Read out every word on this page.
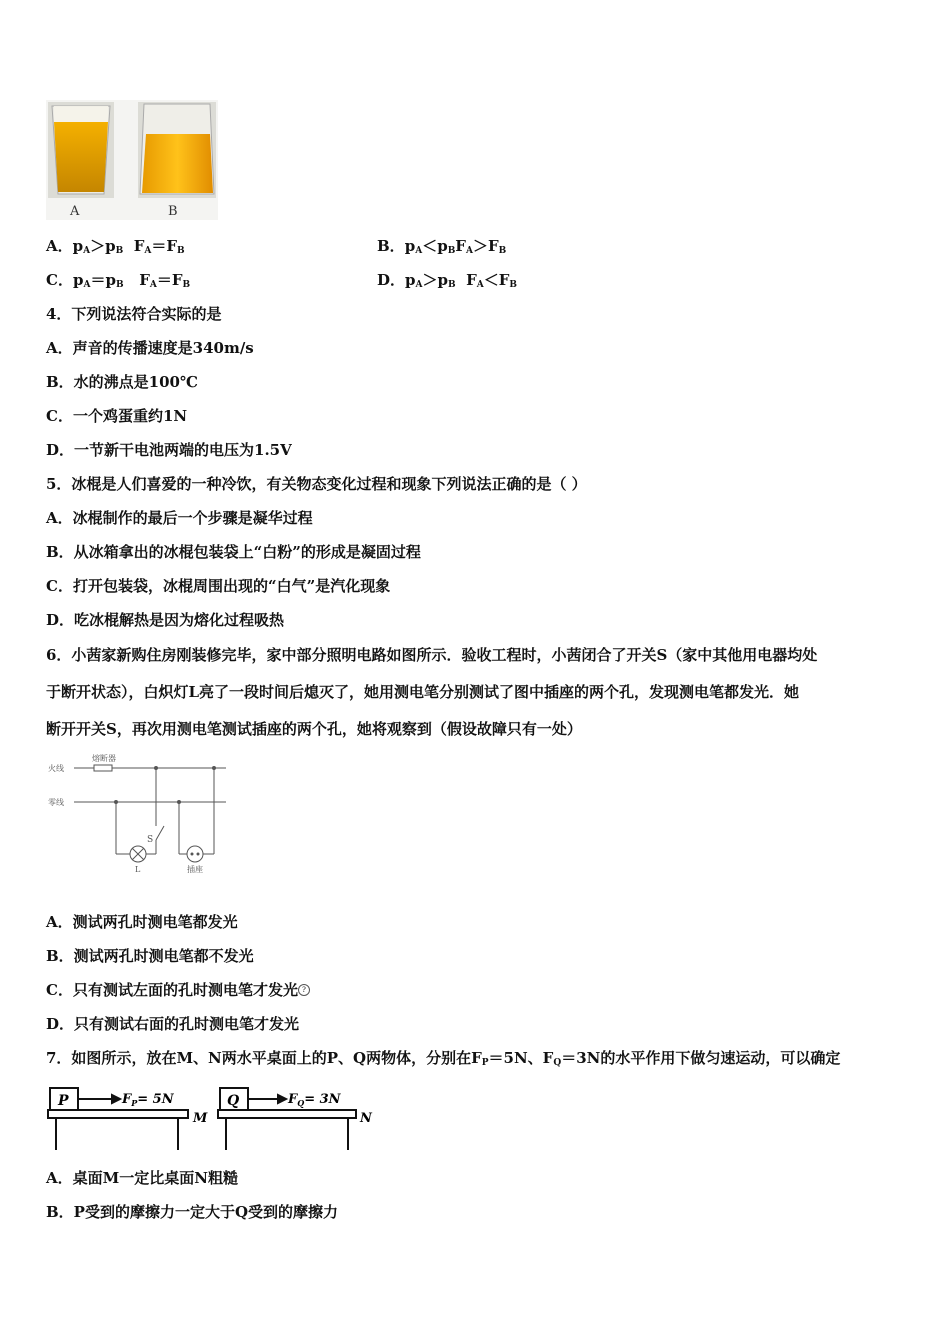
A	B
A．$p_A>p_B$ $F_A=F_B$	B．$p_A<p_BF_A>F_B$
C．$p_A=p_B$ $F_A=F_B$	D．$p_A>p_B$ $F_A<F_B$
4．下列说法符合实际的是
A．声音的传播速度是340m/s
B．水的沸点是100℃
C．一个鸡蛋重约1N
D．一节新干电池两端的电压为1.5V
5．冰棍是人们喜爱的一种冷饮，有关物态变化过程和现象下列说法正确的是（ ）
A．冰棍制作的最后一个步骤是凝华过程
B．从冰箱拿出的冰棍包装袋上“白粉”的形成是凝固过程
C．打开包装袋，冰棍周围出现的“白气”是汽化现象
D．吃冰棍解热是因为熔化过程吸热
6．小茜家新购住房刚装修完毕，家中部分照明电路如图所示．验收工程时，小茜闭合了开关S（家中其他用电器均处
于断开状态），白炽灯L亮了一段时间后熄灭了，她用测电笔分别测试了图中插座的两个孔，发现测电笔都发光．她
断开开关S，再次用测电笔测试插座的两个孔，她将观察到（假设故障只有一处）
火线
零线
熔断器
S
L	插座
A．测试两孔时测电笔都发光
B．测试两孔时测电笔都不发光
C．只有测试左面的孔时测电笔才发光 ?
D．只有测试右面的孔时测电笔才发光
7．如图所示，放在M、N两水平桌面上的P、Q两物体，分别在$F_P=5N$、$F_Q=3N$的水平作用下做匀速运动，可以确定
P	$F_P= 5N$
M
Q	$F_Q= 3N$
N
A．桌面M一定比桌面N粗糙
B．P受到的摩擦力一定大于Q受到的摩擦力
